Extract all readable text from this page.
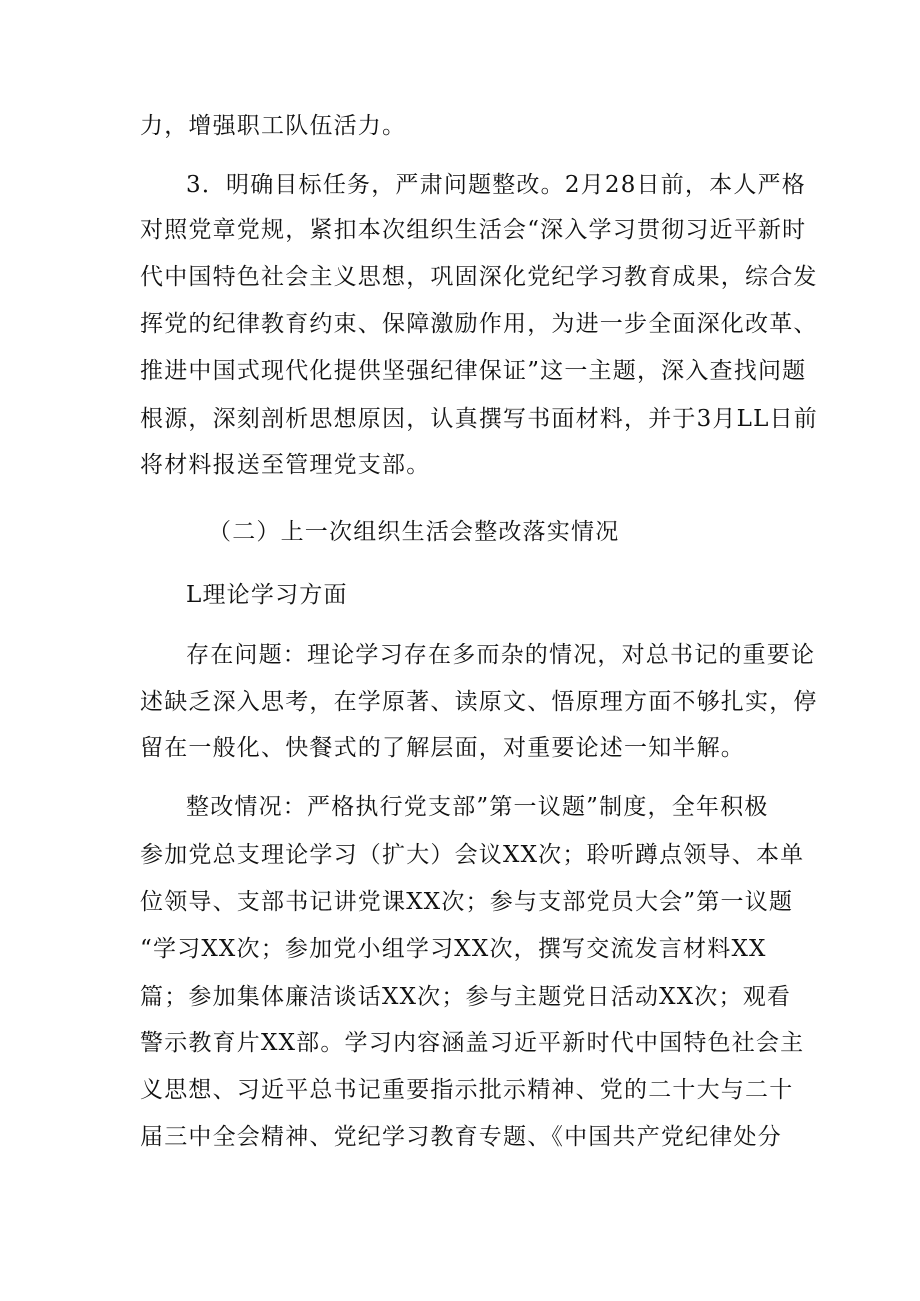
力，增强职工队伍活力。
3．明确目标任务，严肃问题整改。2月28日前，本人严格
对照党章党规，紧扣本次组织生活会“深入学习贯彻习近平新时
代中国特色社会主义思想，巩固深化党纪学习教育成果，综合发
挥党的纪律教育约束、保障激励作用，为进一步全面深化改革、
推进中国式现代化提供坚强纪律保证”这一主题，深入查找问题
根源，深刻剖析思想原因，认真撰写书面材料，并于3月LL日前
将材料报送至管理党支部。
（二）上一次组织生活会整改落实情况
L理论学习方面
存在问题：理论学习存在多而杂的情况，对总书记的重要论
述缺乏深入思考，在学原著、读原文、悟原理方面不够扎实，停
留在一般化、快餐式的了解层面，对重要论述一知半解。
整改情况：严格执行党支部”第一议题”制度，全年积极
参加党总支理论学习（扩大）会议XX次；聆听蹲点领导、本单
位领导、支部书记讲党课XX次；参与支部党员大会”第一议题
“学习XX次；参加党小组学习XX次，撰写交流发言材料XX
篇；参加集体廉洁谈话XX次；参与主题党日活动XX次；观看
警示教育片XX部。学习内容涵盖习近平新时代中国特色社会主
义思想、习近平总书记重要指示批示精神、党的二十大与二十
届三中全会精神、党纪学习教育专题、《中国共产党纪律处分
